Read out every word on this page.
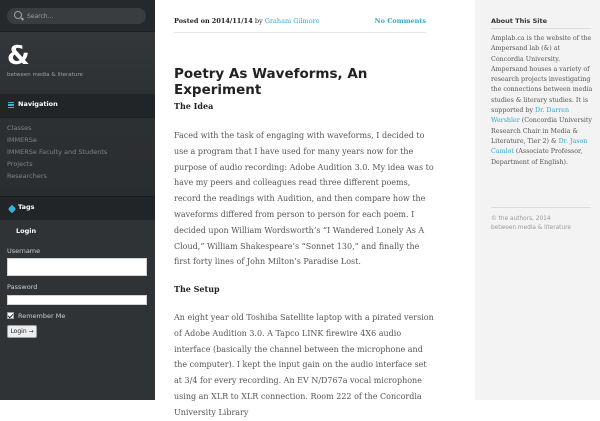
Search...
&
between media & literature
Navigation
Classes
IMMERSe
IMMERSe Faculty and Students
Projects
Researchers
Tags
Login
Username
Password
Remember Me
Login →
Posted on 2014/11/14 by Graham Gilmore	No Comments
Poetry As Waveforms, An Experiment
The Idea

Faced with the task of engaging with waveforms, I decided to use a program that I have used for many years now for the purpose of audio recording: Adobe Audition 3.0. My idea was to have my peers and colleagues read three different poems, record the readings with Audition, and then compare how the waveforms differed from person to person for each poem. I decided upon William Wordsworth’s “I Wandered Lonely As A Cloud,” William Shakespeare’s “Sonnet 130,” and finally the first forty lines of John Milton’s Paradise Lost.

The Setup

An eight year old Toshiba Satellite laptop with a pirated version of Adobe Audition 3.0. A Tapco LINK firewire 4X6 audio interface (basically the channel between the microphone and the computer). I kept the input gain on the audio interface set at 3/4 for every recording. An EV N/D767a vocal microphone using an XLR to XLR connection. Room 222 of the Concordia University Library

About This Site
Amplab.ca is the website of the Ampersand lab (&) at Concordia University. Ampersand houses a variety of research projects investigating the connections between media studies & literary studies. It is supported by Dr. Darren Wershler (Concordia University Research Chair in Media & Literature, Tier 2) & Dr. Jason Camlot (Associate Professor, Department of English).
© the authors, 2014
between media & literature
